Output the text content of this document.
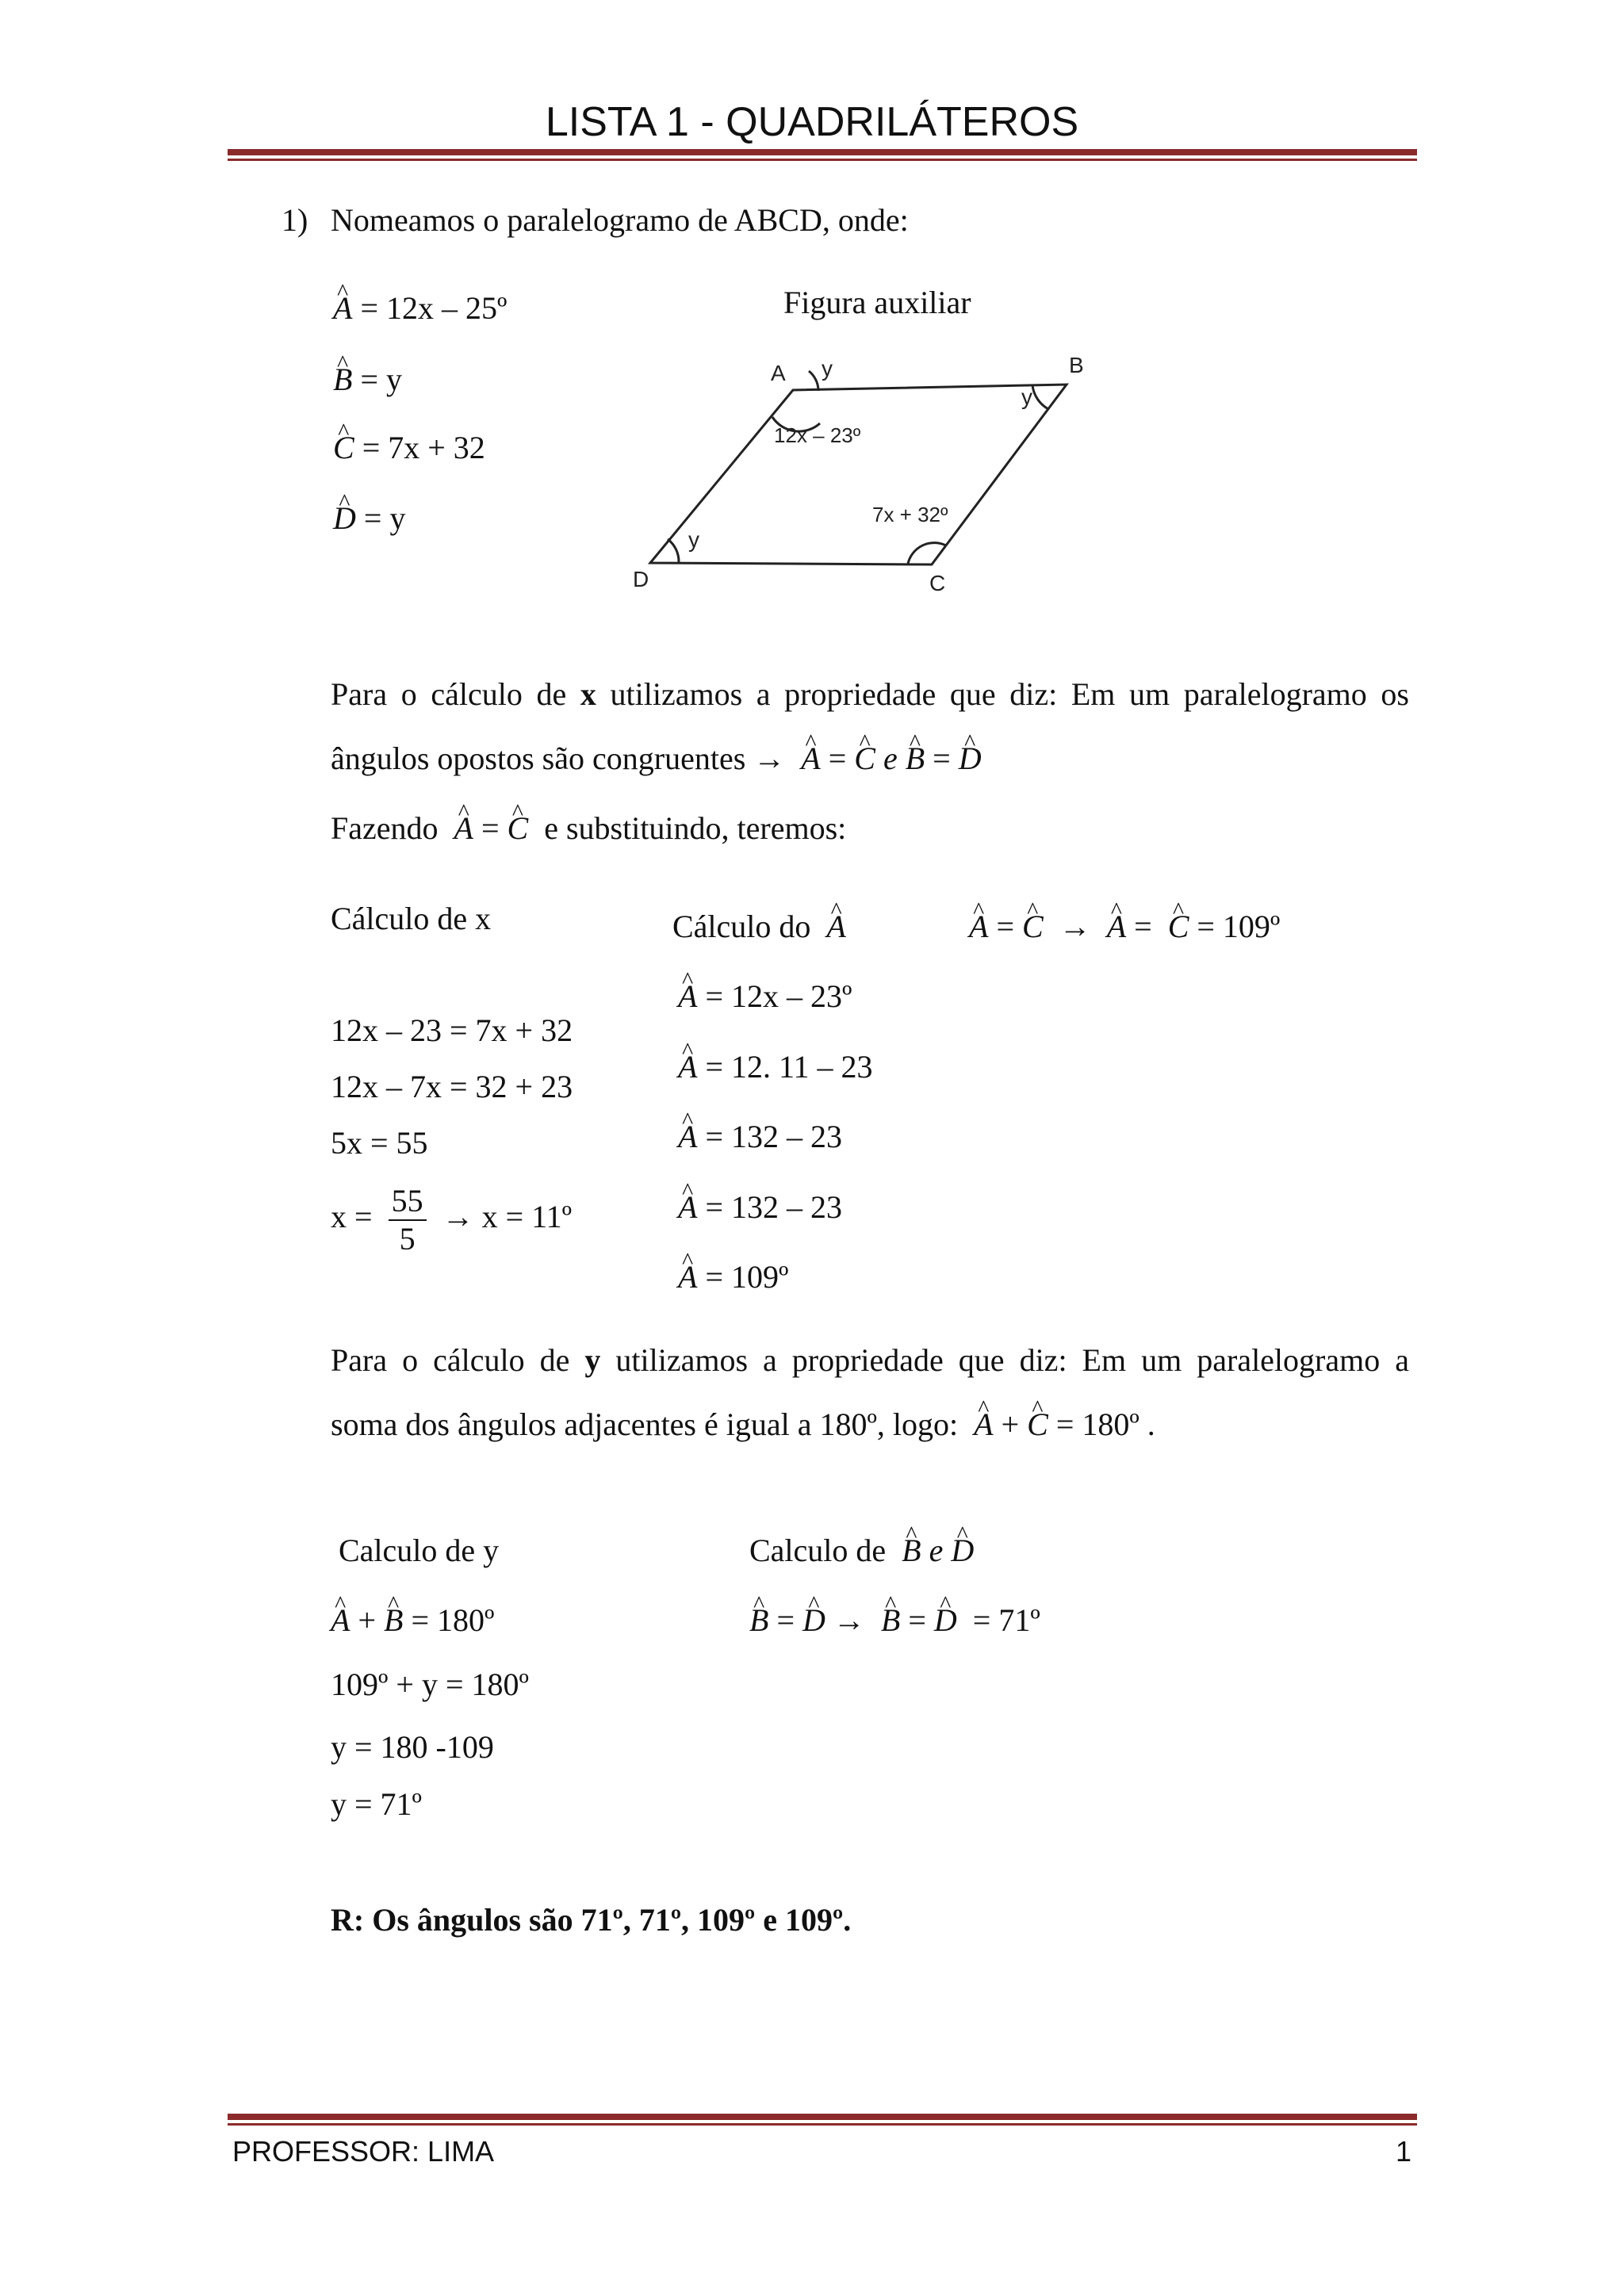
LISTA 1 - QUADRILÁTEROS
1) Nomeamos o paralelogramo de ABCD, onde:
^ A = 12x – 25º
^ B = y
^ C = 7x + 32
^ D = y
Figura auxiliar
A	B
C
D
y
y
y
12x – 23º
7x + 32º
Para o cálculo de x utilizamos a propriedade que diz: Em um paralelogramo os
ângulos opostos são congruentes → ^ A = ^ C e ^ B = ^ D
Fazendo ^ A = ^ C e substituindo, teremos:
Cálculo de x
12x – 23 = 7x + 32
12x – 7x = 32 + 23
5x = 55
$x = \frac{55}{5} \to x$ = 11º
Cálculo do ^ A
^ A = 12x – 23º
^ A = 12. 11 – 23
^ A = 132 – 23
^ A = 132 – 23
^ A = 109º
^ A = ^ C → ^ A =  ^ C = 109º
Para o cálculo de y utilizamos a propriedade que diz: Em um paralelogramo a
soma dos ângulos adjacentes é igual a 180º, logo: ^ A + ^ C = 180º .
Calculo de y
^ A + ^ B = 180º
109º + y = 180º
y = 180 -109
y = 71º
Calculo de ^ B e ^ D
^ B = ^ D → ^ B = ^ D = 71º
R: Os ângulos são 71º, 71º, 109º e 109º.
PROFESSOR: LIMA	1
